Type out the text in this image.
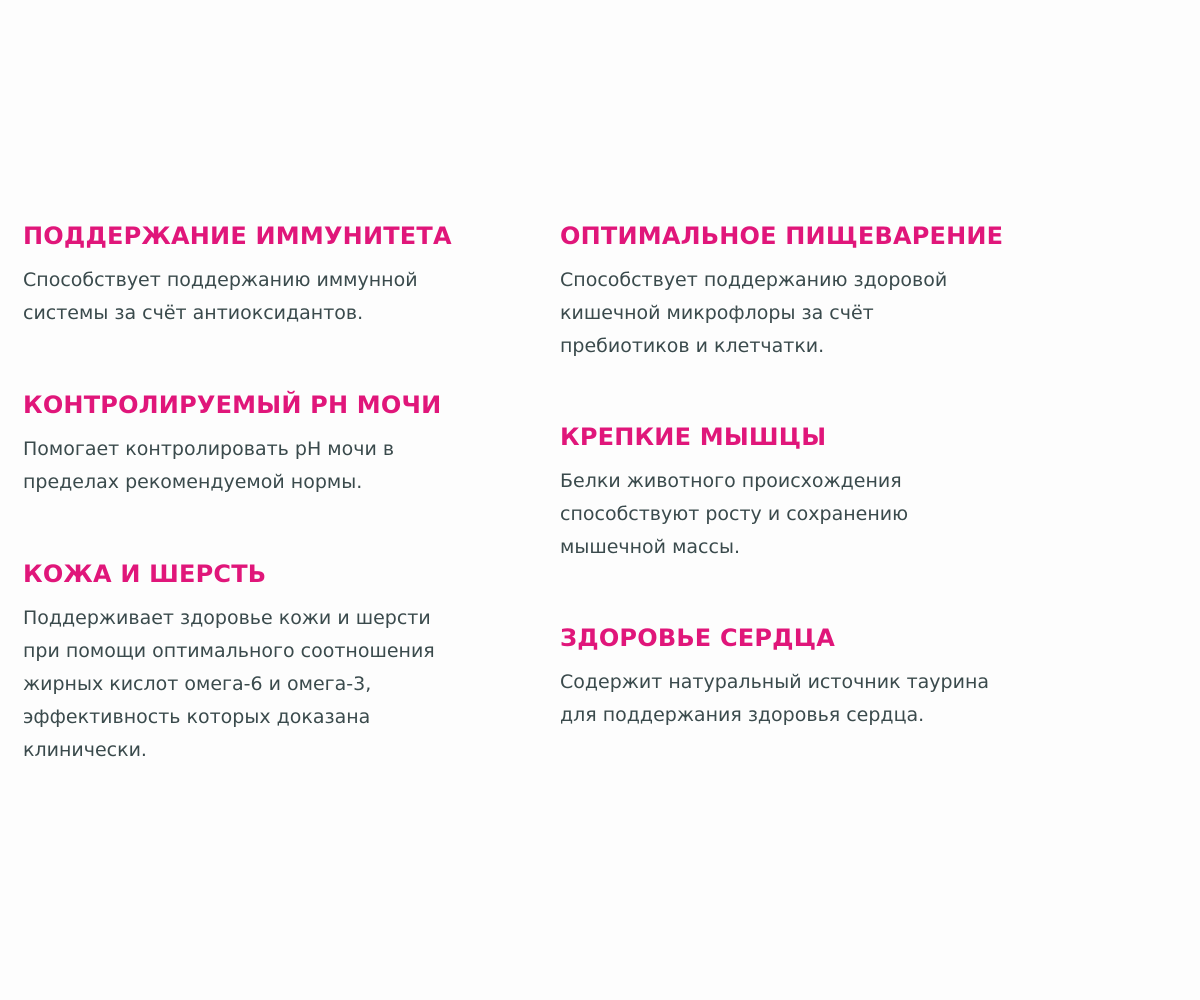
ПОДДЕРЖАНИЕ ИММУНИТЕТА

Способствует поддержанию иммунной
системы за счёт антиоксидантов.

КОНТРОЛИРУЕМЫЙ PH МОЧИ

Помогает контролировать pH мочи в
пределах рекомендуемой нормы.

КОЖА И ШЕРСТЬ

Поддерживает здоровье кожи и шерсти
при помощи оптимального соотношения
жирных кислот омега-6 и омега-3,
эффективность которых доказана
клинически.

ОПТИМАЛЬНОЕ ПИЩЕВАРЕНИЕ

Способствует поддержанию здоровой
кишечной микрофлоры за счёт
пребиотиков и клетчатки.

КРЕПКИЕ МЫШЦЫ

Белки животного происхождения
способствуют росту и сохранению
мышечной массы.

ЗДОРОВЬЕ СЕРДЦА

Содержит натуральный источник таурина
для поддержания здоровья сердца.
